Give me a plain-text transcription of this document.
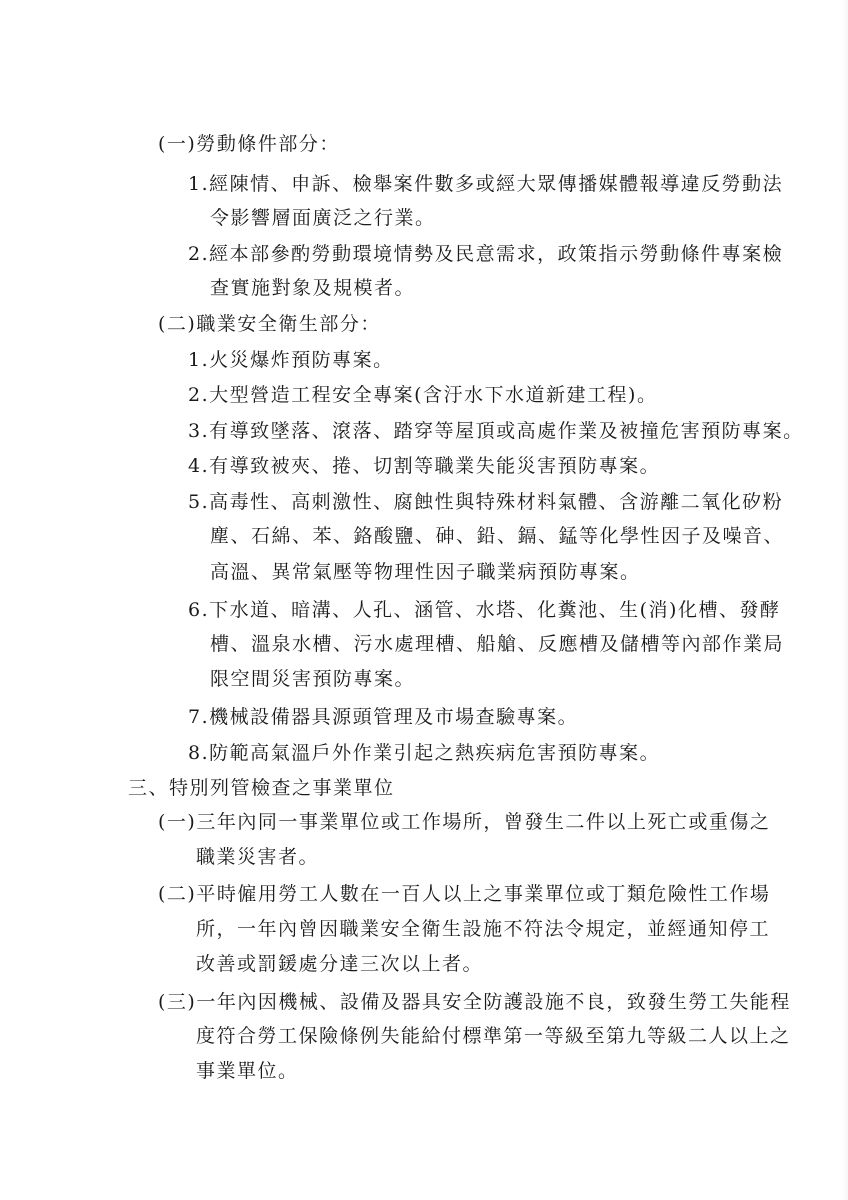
(一)勞動條件部分：
1.經陳情、申訴、檢舉案件數多或經大眾傳播媒體報導違反勞動法
令影響層面廣泛之行業。
2.經本部參酌勞動環境情勢及民意需求，政策指示勞動條件專案檢
查實施對象及規模者。
(二)職業安全衛生部分：
1.火災爆炸預防專案。
2.大型營造工程安全專案(含汙水下水道新建工程)。
3.有導致墜落、滾落、踏穿等屋頂或高處作業及被撞危害預防專案。
4.有導致被夾、捲、切割等職業失能災害預防專案。
5.高毒性、高刺激性、腐蝕性與特殊材料氣體、含游離二氧化矽粉
塵、石綿、苯、鉻酸鹽、砷、鉛、鎘、錳等化學性因子及噪音、
高溫、異常氣壓等物理性因子職業病預防專案。
6.下水道、暗溝、人孔、涵管、水塔、化糞池、生(消)化槽、發酵
槽、溫泉水槽、污水處理槽、船艙、反應槽及儲槽等內部作業局
限空間災害預防專案。
7.機械設備器具源頭管理及市場查驗專案。
8.防範高氣溫戶外作業引起之熱疾病危害預防專案。
三、特別列管檢查之事業單位
(一)三年內同一事業單位或工作場所，曾發生二件以上死亡或重傷之
職業災害者。
(二)平時僱用勞工人數在一百人以上之事業單位或丁類危險性工作場
所，一年內曾因職業安全衛生設施不符法令規定，並經通知停工
改善或罰鍰處分達三次以上者。
(三)一年內因機械、設備及器具安全防護設施不良，致發生勞工失能程
度符合勞工保險條例失能給付標準第一等級至第九等級二人以上之
事業單位。
